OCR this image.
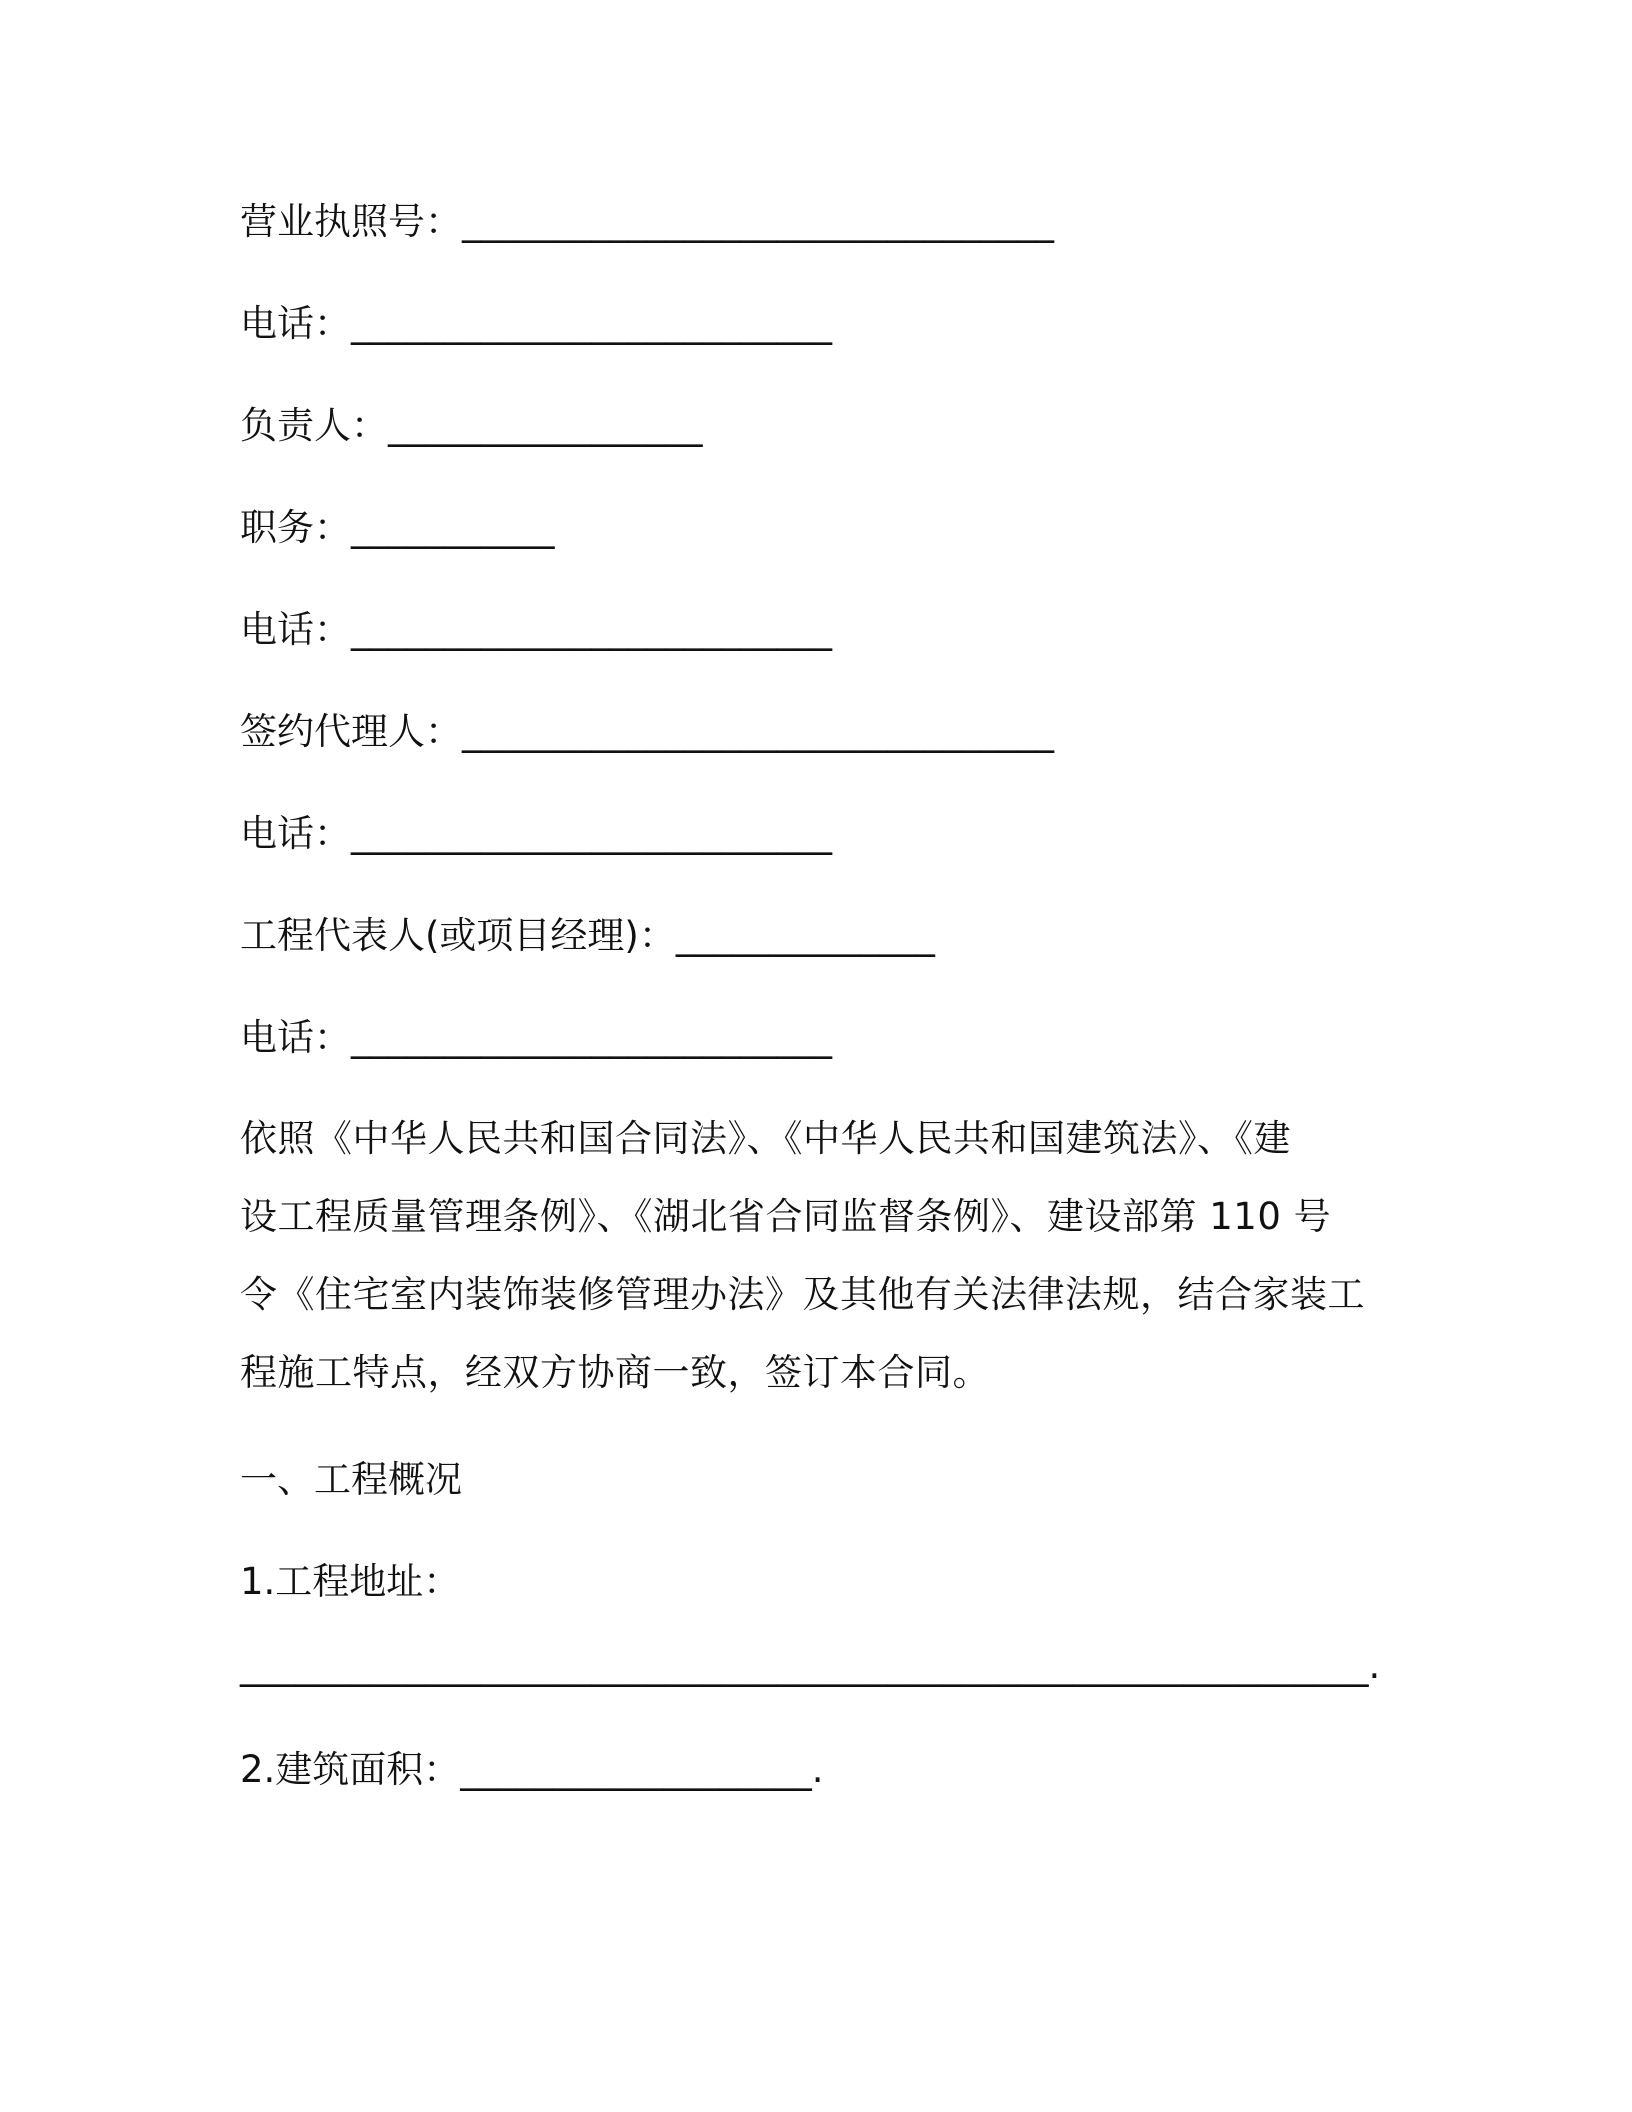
营业执照号：________________________________
电话：__________________________
负责人：_________________
职务：___________
电话：__________________________
签约代理人：________________________________
电话：__________________________
工程代表人(或项目经理)：______________
电话：__________________________
依照《中华人民共和国合同法》、《中华人民共和国建筑法》、《建
设工程质量管理条例》、《湖北省合同监督条例》、建设部第 110 号
令《住宅室内装饰装修管理办法》及其他有关法律法规，结合家装工
程施工特点，经双方协商一致，签订本合同。
一、工程概况
1.工程地址：
_____________________________________________________________.
2.建筑面积：___________________.
